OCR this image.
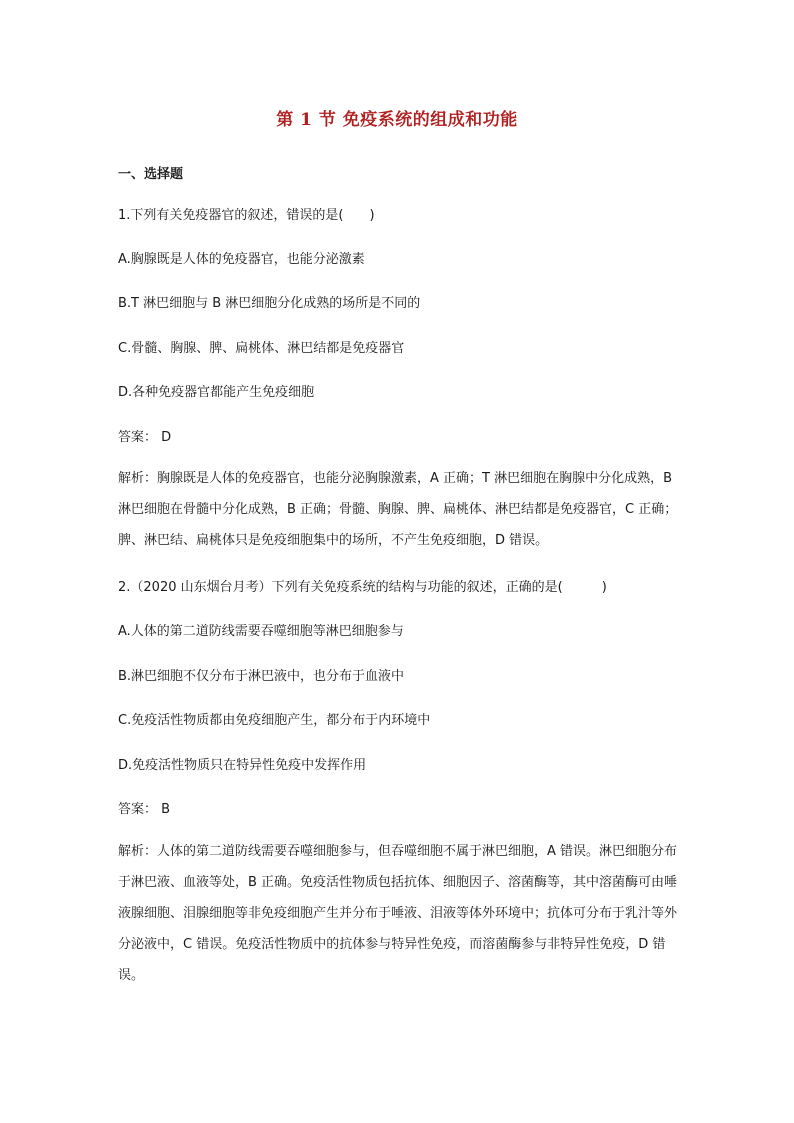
第 1 节 免疫系统的组成和功能
一、选择题
1.下列有关免疫器官的叙述，错误的是(　　)
A.胸腺既是人体的免疫器官，也能分泌激素
B.T 淋巴细胞与 B 淋巴细胞分化成熟的场所是不同的
C.骨髓、胸腺、脾、扁桃体、淋巴结都是免疫器官
D.各种免疫器官都能产生免疫细胞
答案： D
解析：胸腺既是人体的免疫器官，也能分泌胸腺激素，A 正确；T 淋巴细胞在胸腺中分化成熟，B 淋巴细胞在骨髓中分化成熟，B 正确；骨髓、胸腺、脾、扁桃体、淋巴结都是免疫器官，C 正确；脾、淋巴结、扁桃体只是免疫细胞集中的场所，不产生免疫细胞，D 错误。
2.（2020 山东烟台月考）下列有关免疫系统的结构与功能的叙述，正确的是(　　　)
A.人体的第二道防线需要吞噬细胞等淋巴细胞参与
B.淋巴细胞不仅分布于淋巴液中，也分布于血液中
C.免疫活性物质都由免疫细胞产生，都分布于内环境中
D.免疫活性物质只在特异性免疫中发挥作用
答案： B
解析：人体的第二道防线需要吞噬细胞参与，但吞噬细胞不属于淋巴细胞，A 错误。淋巴细胞分布于淋巴液、血液等处，B 正确。免疫活性物质包括抗体、细胞因子、溶菌酶等，其中溶菌酶可由唾液腺细胞、泪腺细胞等非免疫细胞产生并分布于唾液、泪液等体外环境中；抗体可分布于乳汁等外分泌液中，C 错误。免疫活性物质中的抗体参与特异性免疫，而溶菌酶参与非特异性免疫，D 错误。
